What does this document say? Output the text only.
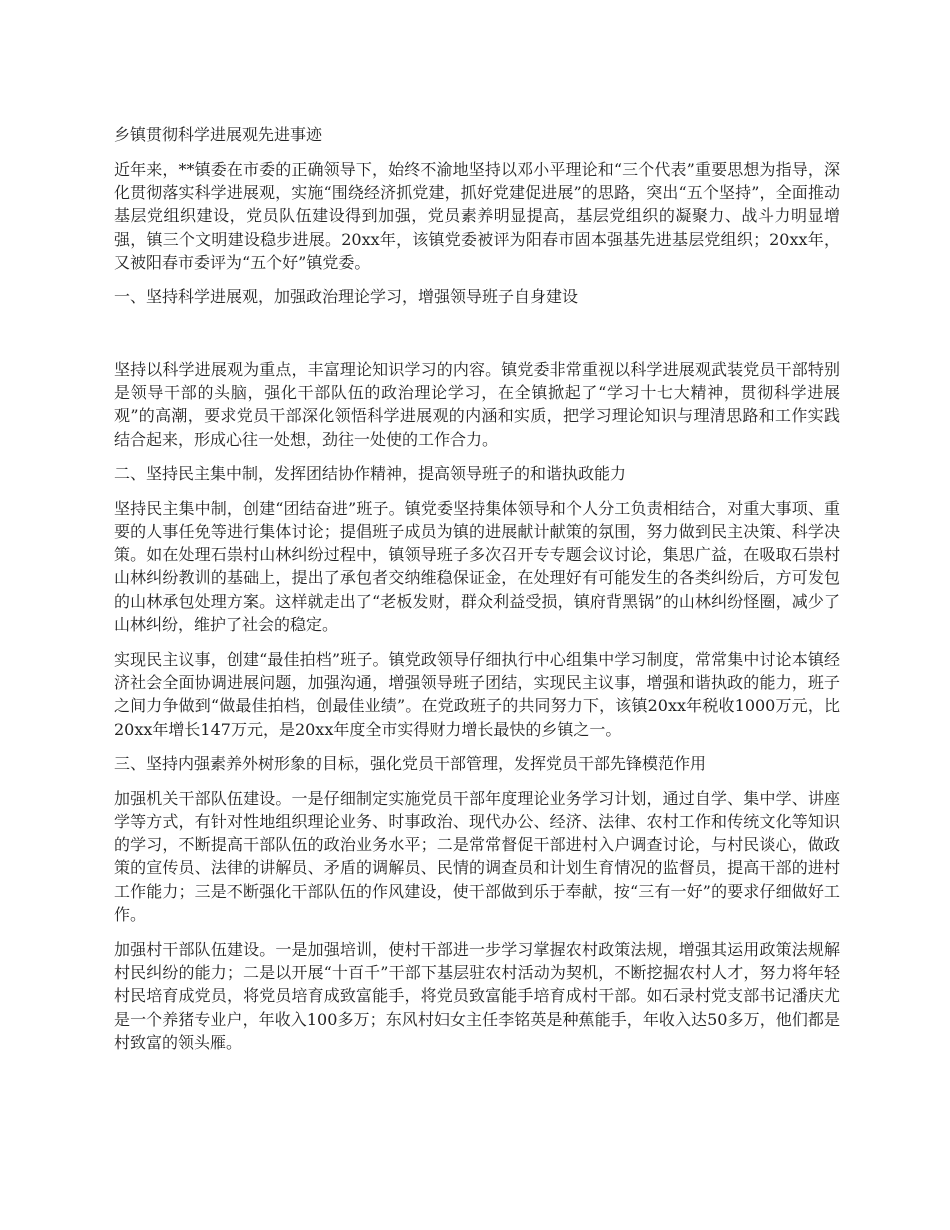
乡镇贯彻科学进展观先进事迹
近年来，**镇委在市委的正确领导下，始终不渝地坚持以邓小平理论和“三个代表”重要思想为指导，深化贯彻落实科学进展观，实施“围绕经济抓党建，抓好党建促进展”的思路，突出“五个坚持”，全面推动基层党组织建设，党员队伍建设得到加强，党员素养明显提高，基层党组织的凝聚力、战斗力明显增强，镇三个文明建设稳步进展。20xx年，该镇党委被评为阳春市固本强基先进基层党组织；20xx年，又被阳春市委评为“五个好”镇党委。
一、坚持科学进展观，加强政治理论学习，增强领导班子自身建设
坚持以科学进展观为重点，丰富理论知识学习的内容。镇党委非常重视以科学进展观武装党员干部特别是领导干部的头脑，强化干部队伍的政治理论学习，在全镇掀起了“学习十七大精神，贯彻科学进展观”的高潮，要求党员干部深化领悟科学进展观的内涵和实质，把学习理论知识与理清思路和工作实践结合起来，形成心往一处想，劲往一处使的工作合力。
二、坚持民主集中制，发挥团结协作精神，提高领导班子的和谐执政能力
坚持民主集中制，创建“团结奋进”班子。镇党委坚持集体领导和个人分工负责相结合，对重大事项、重要的人事任免等进行集体讨论；提倡班子成员为镇的进展献计献策的氛围，努力做到民主决策、科学决策。如在处理石祟村山林纠纷过程中，镇领导班子多次召开专专题会议讨论，集思广益，在吸取石祟村山林纠纷教训的基础上，提出了承包者交纳维稳保证金，在处理好有可能发生的各类纠纷后，方可发包的山林承包处理方案。这样就走出了“老板发财，群众利益受损，镇府背黑锅”的山林纠纷怪圈，减少了山林纠纷，维护了社会的稳定。
实现民主议事，创建“最佳拍档”班子。镇党政领导仔细执行中心组集中学习制度，常常集中讨论本镇经济社会全面协调进展问题，加强沟通，增强领导班子团结，实现民主议事，增强和谐执政的能力，班子之间力争做到“做最佳拍档，创最佳业绩”。在党政班子的共同努力下，该镇20xx年税收1000万元，比20xx年增长147万元，是20xx年度全市实得财力增长最快的乡镇之一。
三、坚持内强素养外树形象的目标，强化党员干部管理，发挥党员干部先锋模范作用
加强机关干部队伍建设。一是仔细制定实施党员干部年度理论业务学习计划，通过自学、集中学、讲座学等方式，有针对性地组织理论业务、时事政治、现代办公、经济、法律、农村工作和传统文化等知识的学习，不断提高干部队伍的政治业务水平；二是常常督促干部进村入户调查讨论，与村民谈心，做政策的宣传员、法律的讲解员、矛盾的调解员、民情的调查员和计划生育情况的监督员，提高干部的进村工作能力；三是不断强化干部队伍的作风建设，使干部做到乐于奉献，按“三有一好”的要求仔细做好工作。
加强村干部队伍建设。一是加强培训，使村干部进一步学习掌握农村政策法规，增强其运用政策法规解村民纠纷的能力；二是以开展“十百千”干部下基层驻农村活动为契机，不断挖掘农村人才，努力将年轻村民培育成党员，将党员培育成致富能手，将党员致富能手培育成村干部。如石录村党支部书记潘庆尤是一个养猪专业户，年收入100多万；东风村妇女主任李铭英是种蕉能手，年收入达50多万，他们都是村致富的领头雁。
